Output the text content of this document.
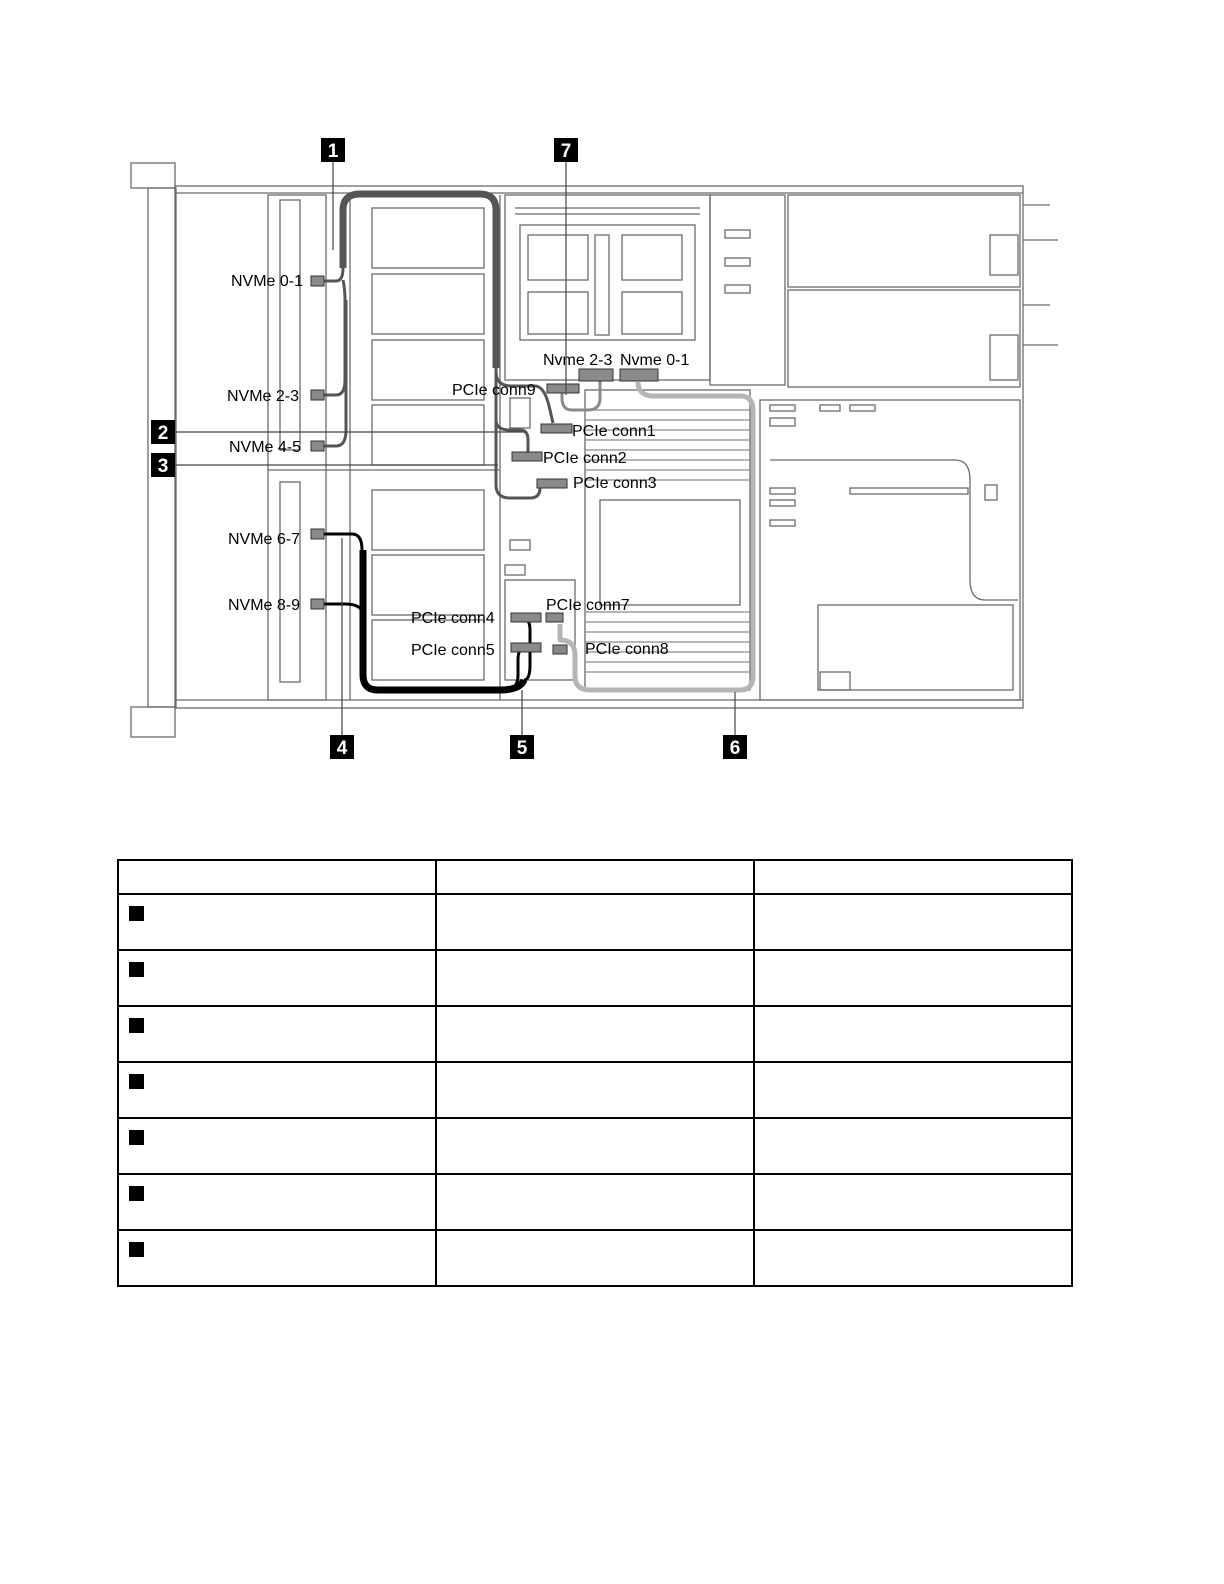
NVMe 0-1
NVMe 2-3
NVMe 4-5
NVMe 6-7
NVMe 8-9
Nvme 2-3 Nvme 0-1
PCIe conn9
PCIe conn1
PCIe conn2
PCIe conn3
PCIe conn4
PCIe conn7
PCIe conn5	PCIe conn8
1	7
2
3
4	5	6
